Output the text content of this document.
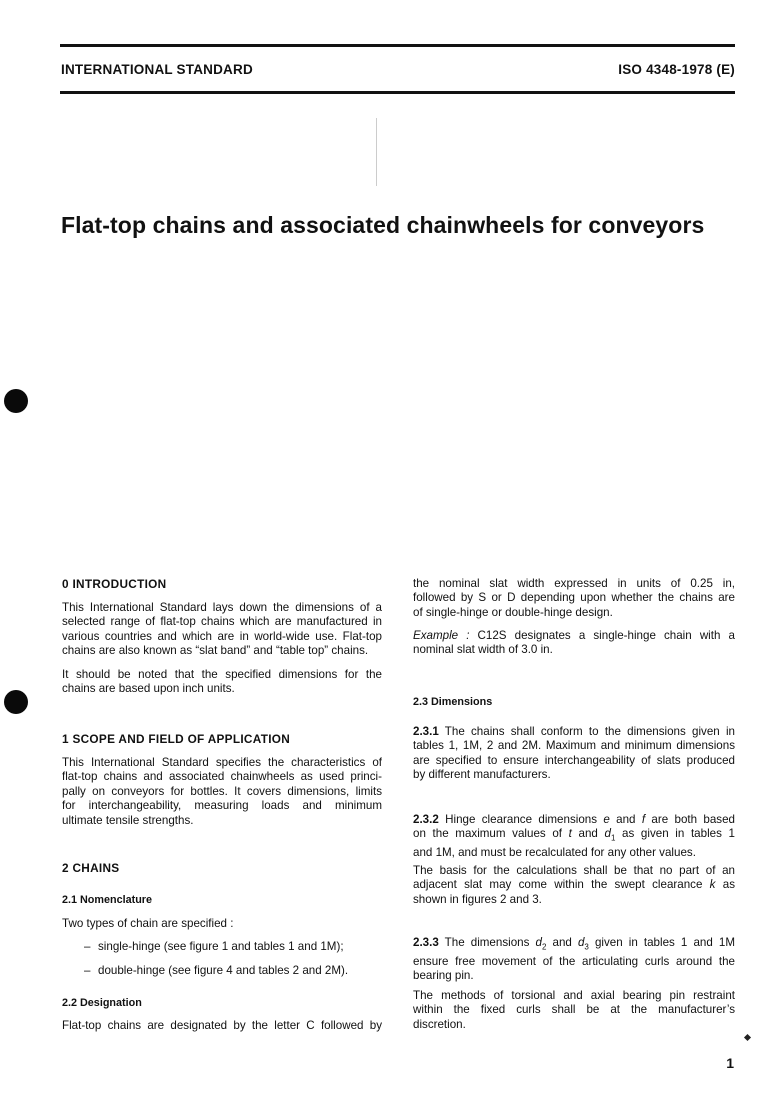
INTERNATIONAL STANDARD	ISO 4348-1978 (E)
Flat-top chains and associated chainwheels for conveyors
0 INTRODUCTION
This International Standard lays down the dimensions of a
selected range of flat-top chains which are manufactured in
various countries and which are in world-wide use. Flat-top
chains are also known as “slat band” and “table top” chains.
It should be noted that the specified dimensions for the
chains are based upon inch units.
1 SCOPE AND FIELD OF APPLICATION
This International Standard specifies the characteristics of
flat-top chains and associated chainwheels as used princi-
pally on conveyors for bottles. It covers dimensions, limits
for interchangeability, measuring loads and minimum
ultimate tensile strengths.
2 CHAINS
2.1 Nomenclature
Two types of chain are specified :
– single-hinge (see figure 1 and tables 1 and 1M);
– double-hinge (see figure 4 and tables 2 and 2M).
2.2 Designation
Flat-top chains are designated by the letter C followed by
the nominal slat width expressed in units of 0.25 in,
followed by S or D depending upon whether the chains are
of single-hinge or double-hinge design.
Example : C12S designates a single-hinge chain with a
nominal slat width of 3.0 in.
2.3 Dimensions
2.3.1 The chains shall conform to the dimensions given in
tables 1, 1M, 2 and 2M. Maximum and minimum dimensions
are specified to ensure interchangeability of slats produced
by different manufacturers.
2.3.2 Hinge clearance dimensions e and f are both based
on the maximum values of t and $d_1$ as given in tables 1
and 1M, and must be recalculated for any other values.
The basis for the calculations shall be that no part of an
adjacent slat may come within the swept clearance k as
shown in figures 2 and 3.
2.3.3 The dimensions $d_2$ and $d_3$ given in tables 1 and 1M
ensure free movement of the articulating curls around the
bearing pin.
The methods of torsional and axial bearing pin restraint
within the fixed curls shall be at the manufacturer’s
discretion.
1
